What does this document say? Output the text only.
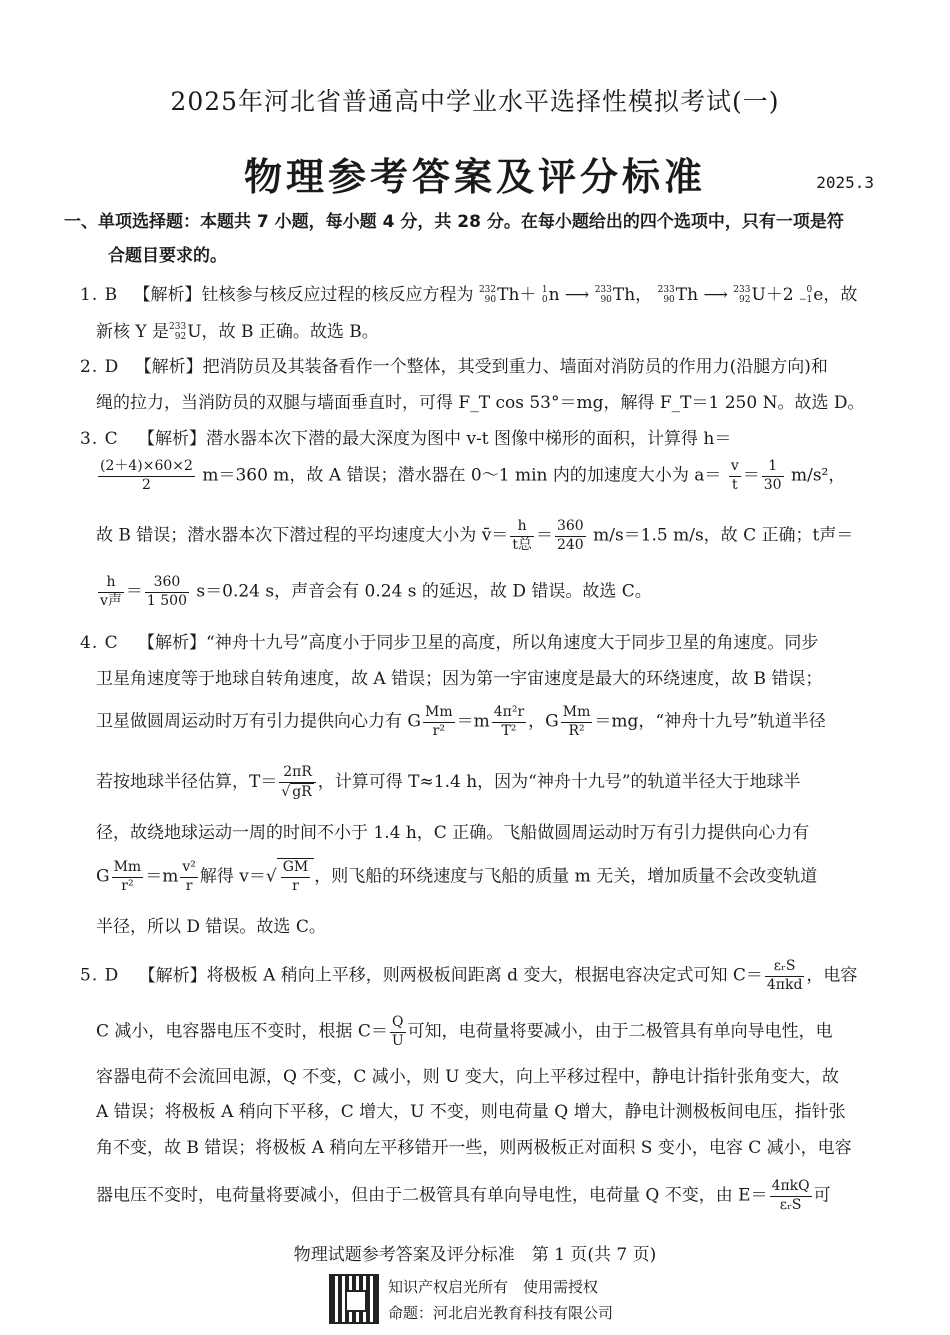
2025年河北省普通高中学业水平选择性模拟考试(一)
物理参考答案及评分标准	2025.3
一、单项选择题：本题共 7 小题，每小题 4 分，共 28 分。在每小题给出的四个选项中，只有一项是符
合题目要求的。
1. B 【解析】钍核参与核反应过程的核反应方程为 232
90 Th＋ 1
0 n ⟶ 233
90 Th， 233
90 Th ⟶ 233
92 U＋2	0
−1 e，故
新核 Y 是 233
92 U，故 B 正确。故选 B。
2. D 【解析】把消防员及其装备看作一个整体，其受到重力、墙面对消防员的作用力(沿腿方向)和
绳的拉力，当消防员的双腿与墙面垂直时，可得 F_T cos 53°＝mg，解得 F_T＝1 250 N。故选 D。
3. C 【解析】潜水器本次下潜的最大深度为图中 v-t 图像中梯形的面积，计算得 h＝
$\frac{(2+4)\times 60\times 2}{2} m=360$ m，故 A 错误；潜水器在 0～1 min 内的加速度大小为 $a= \frac{v}{t} = \frac{1}{30} m/s^2$，
故 B 错误；潜水器本次下潜过程的平均速度大小为 v̄＝ $\frac{h}{\text{t总}} = \frac{360}{240} m/s=1.5$ m/s，故 C 正确；t声＝
$\frac{h}{\text{v声}} = \frac{360}{1 500} s=0.24$ s，声音会有 0.24 s 的延迟，故 D 错误。故选 C。
4. C 【解析】“神舟十九号”高度小于同步卫星的高度，所以角速度大于同步卫星的角速度。同步
卫星角速度等于地球自转角速度，故 A 错误；因为第一宇宙速度是最大的环绕速度，故 B 错误；
卫星做圆周运动时万有引力提供向心力有 G $\frac{Mm}{\text{r²}} =m \frac{\text{4π²r}}{\text{T²}}$ ，G $\frac{Mm}{\text{R²}} =mg$，“神舟十九号”轨道半径
若按地球半径估算，$T= \frac{2\pi R}{√ gR}$ ，计算可得 T≈1.4 h，因为“神舟十九号”的轨道半径大于地球半
径，故绕地球运动一周的时间不小于 1.4 h，C 正确。飞船做圆周运动时万有引力提供向心力有
G $\frac{Mm}{\text{r²}} =m \frac{\text{v²}}{r}$ 解得 $v=√ \frac{GM}{r}$ ，则飞船的环绕速度与飞船的质量 m 无关，增加质量不会改变轨道
半径，所以 D 错误。故选 C。
5. D 【解析】将极板 A 稍向上平移，则两极板间距离 d 变大，根据电容决定式可知 $C= \frac{\text{εᵣS}}{\text{4πkd}}$ ，电容
C 减小，电容器电压不变时，根据 $C= \frac{Q}{U}$ 可知，电荷量将要减小，由于二极管具有单向导电性，电
容器电荷不会流回电源，Q 不变，C 减小，则 U 变大，向上平移过程中，静电计指针张角变大，故
A 错误；将极板 A 稍向下平移，C 增大，U 不变，则电荷量 Q 增大，静电计测极板间电压，指针张
角不变，故 B 错误；将极板 A 稍向左平移错开一些，则两极板正对面积 S 变小，电容 C 减小，电容
器电压不变时，电荷量将要减小，但由于二极管具有单向导电性，电荷量 Q 不变，由 $E= \frac{\text{4πkQ}}{\text{εᵣS}}$ 可
物理试题参考答案及评分标准　第 1 页(共 7 页)
知识产权启光所有　使用需授权
命题：河北启光教育科技有限公司
